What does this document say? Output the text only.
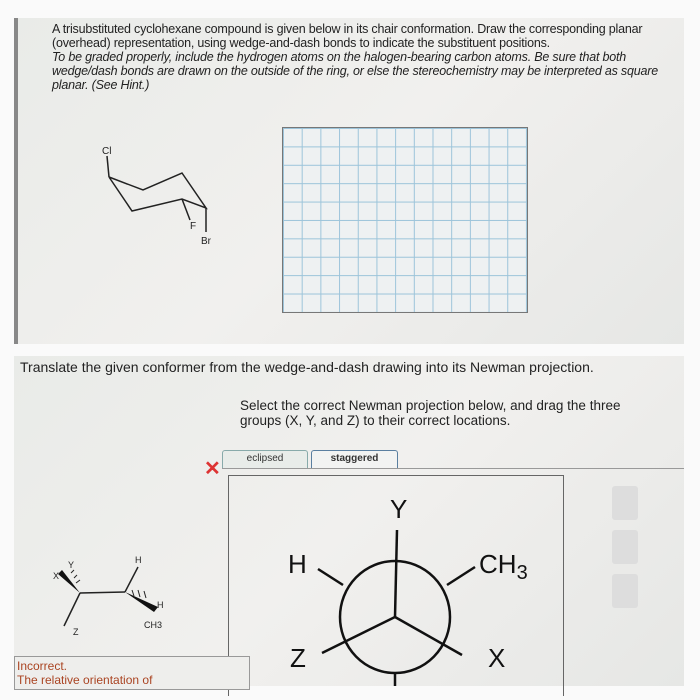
A trisubstituted cyclohexane compound is given below in its chair conformation. Draw the corresponding planar (overhead) representation, using wedge-and-dash bonds to indicate the substituent positions.

To be graded properly, include the hydrogen atoms on the halogen-bearing carbon atoms. Be sure that both wedge/dash bonds are drawn on the outside of the ring, or else the stereochemistry may be interpreted as square planar. (See Hint.)

Cl
F
Br
Translate the given conformer from the wedge-and-dash drawing into its Newman projection.
Select the correct Newman projection below, and drag the three groups (X, Y, and Z) to their correct locations.
eclipsed	staggered
✕
Y
X
Z
H
H
CH3
Y
H	$CH_3$
Z	X
Incorrect.
The relative orientation of
